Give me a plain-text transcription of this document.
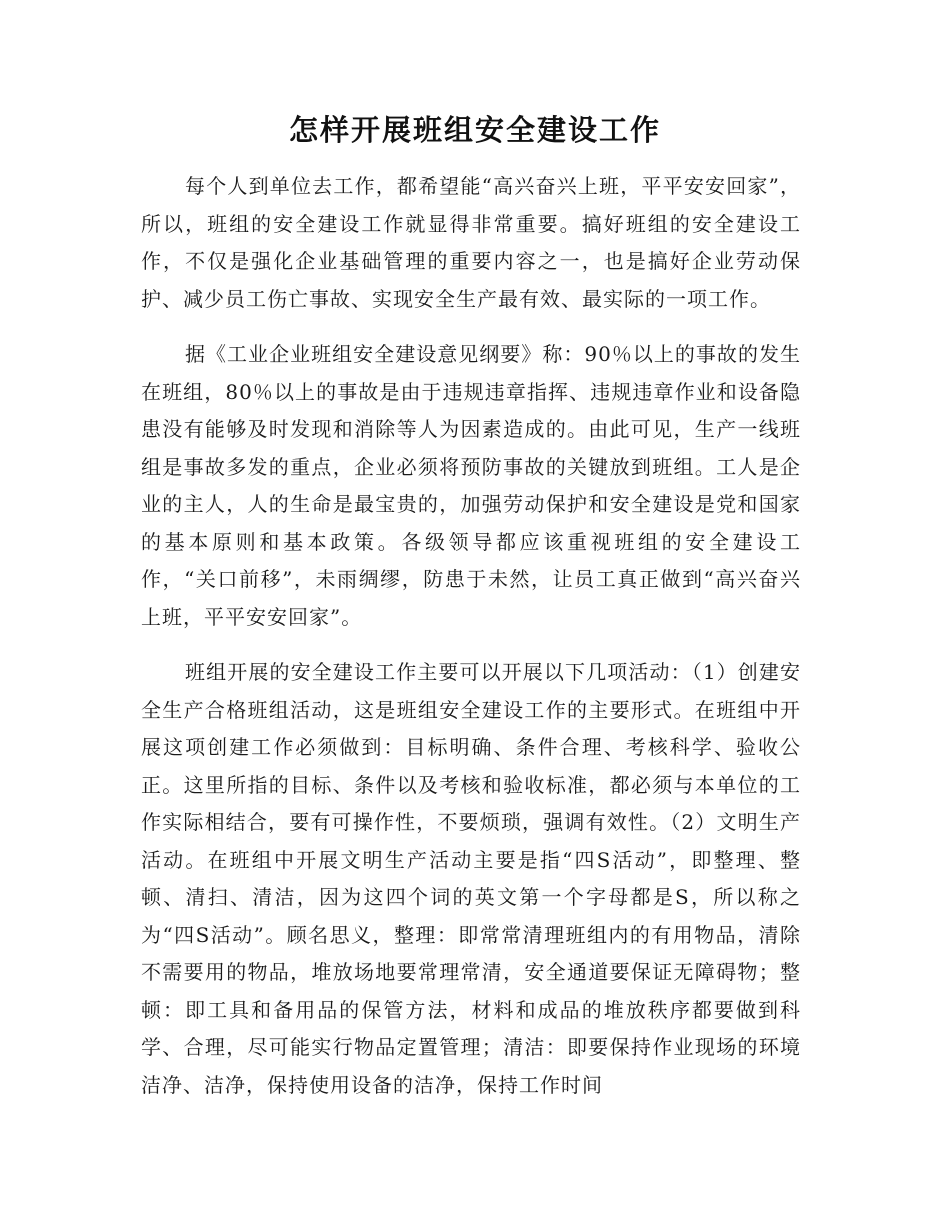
怎样开展班组安全建设工作

每个人到单位去工作，都希望能“高兴奋兴上班，平平安安回家”，所以，班组的安全建设工作就显得非常重要。搞好班组的安全建设工作，不仅是强化企业基础管理的重要内容之一，也是搞好企业劳动保护、减少员工伤亡事故、实现安全生产最有效、最实际的一项工作。

据《工业企业班组安全建设意见纲要》称：90％以上的事故的发生在班组，80％以上的事故是由于违规违章指挥、违规违章作业和设备隐患没有能够及时发现和消除等人为因素造成的。由此可见，生产一线班组是事故多发的重点，企业必须将预防事故的关键放到班组。工人是企业的主人，人的生命是最宝贵的，加强劳动保护和安全建设是党和国家的基本原则和基本政策。各级领导都应该重视班组的安全建设工作，“关口前移”，未雨绸缪，防患于未然，让员工真正做到“高兴奋兴上班，平平安安回家”。

班组开展的安全建设工作主要可以开展以下几项活动：（1）创建安全生产合格班组活动，这是班组安全建设工作的主要形式。在班组中开展这项创建工作必须做到：目标明确、条件合理、考核科学、验收公正。这里所指的目标、条件以及考核和验收标准，都必须与本单位的工作实际相结合，要有可操作性，不要烦琐，强调有效性。（2）文明生产活动。在班组中开展文明生产活动主要是指“四S活动”，即整理、整顿、清扫、清洁，因为这四个词的英文第一个字母都是S，所以称之为“四S活动”。顾名思义，整理：即常常清理班组内的有用物品，清除不需要用的物品，堆放场地要常理常清，安全通道要保证无障碍物；整顿：即工具和备用品的保管方法，材料和成品的堆放秩序都要做到科学、合理，尽可能实行物品定置管理；清洁：即要保持作业现场的环境洁净、洁净，保持使用设备的洁净，保持工作时间
